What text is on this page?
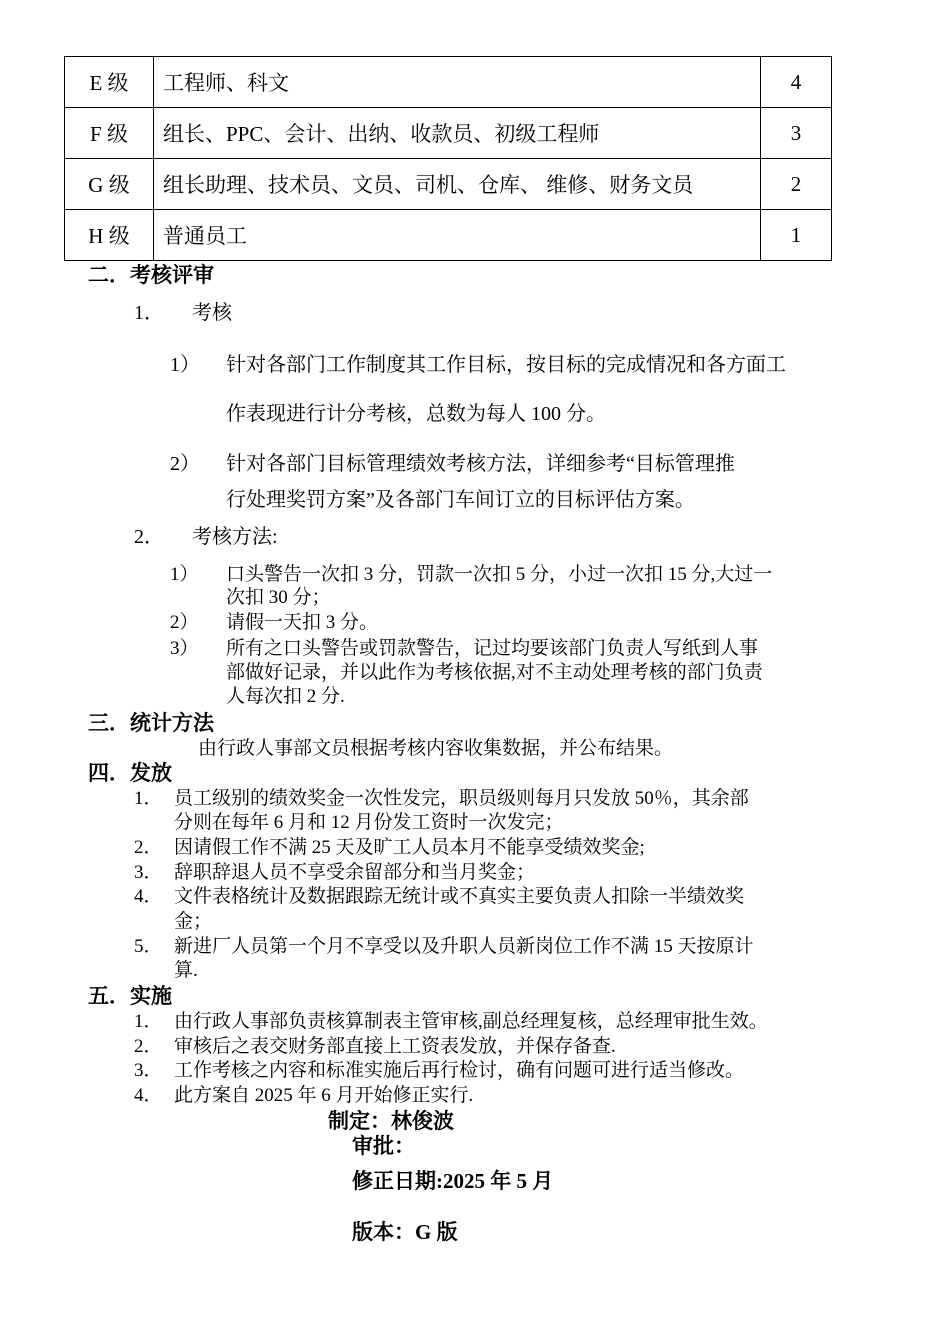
E 级	工程师、科文	4
F 级	组长、PPC、会计、出纳、收款员、初级工程师	3
G 级	组长助理、技术员、文员、司机、仓库、 维修、财务文员	2
H 级	普通员工	1
二．考核评审
1． 考核
1） 针对各部门工作制度其工作目标，按目标的完成情况和各方面工
作表现进行计分考核，总数为每人 100 分。
2） 针对各部门目标管理绩效考核方法，详细参考“目标管理推
行处理奖罚方案”及各部门车间订立的目标评估方案。
2． 考核方法:
1） 口头警告一次扣 3 分，罚款一次扣 5 分，小过一次扣 15 分,大过一
次扣 30 分；
2） 请假一天扣 3 分。
3） 所有之口头警告或罚款警告，记过均要该部门负责人写纸到人事
部做好记录，并以此作为考核依据,对不主动处理考核的部门负责
人每次扣 2 分.
三．统计方法
由行政人事部文员根据考核内容收集数据，并公布结果。
四．发放
1． 员工级别的绩效奖金一次性发完，职员级则每月只发放 50％，其余部
分则在每年 6 月和 12 月份发工资时一次发完；
2． 因请假工作不满 25 天及旷工人员本月不能享受绩效奖金;
3． 辞职辞退人员不享受余留部分和当月奖金；
4． 文件表格统计及数据跟踪无统计或不真实主要负责人扣除一半绩效奖
金；
5． 新进厂人员第一个月不享受以及升职人员新岗位工作不满 15 天按原计
算.
五．实施
1． 由行政人事部负责核算制表主管审核,副总经理复核，总经理审批生效。
2． 审核后之表交财务部直接上工资表发放，并保存备查.
3． 工作考核之内容和标准实施后再行检讨，确有问题可进行适当修改。
4． 此方案自 2025 年 6 月开始修正实行.
制定：林俊波
审批：
修正日期:2025 年 5 月
版本：G 版
